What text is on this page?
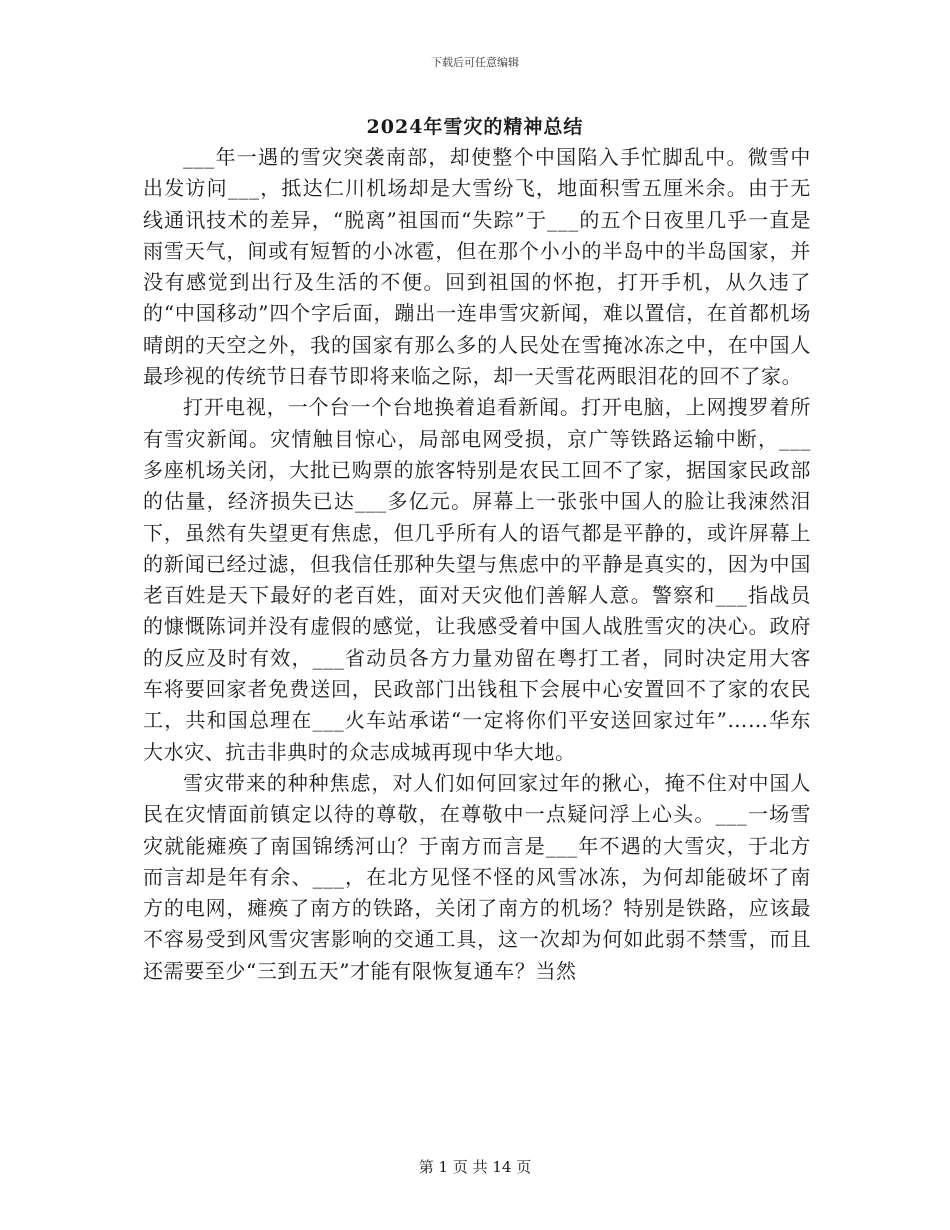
下载后可任意编辑
2024年雪灾的精神总结

___年一遇的雪灾突袭南部，却使整个中国陷入手忙脚乱中。微雪中出发访问___，抵达仁川机场却是大雪纷飞，地面积雪五厘米余。由于无线通讯技术的差异，“脱离”祖国而“失踪”于___的五个日夜里几乎一直是雨雪天气，间或有短暂的小冰雹，但在那个小小的半岛中的半岛国家，并没有感觉到出行及生活的不便。回到祖国的怀抱，打开手机，从久违了的“中国移动”四个字后面，蹦出一连串雪灾新闻，难以置信，在首都机场晴朗的天空之外，我的国家有那么多的人民处在雪掩冰冻之中，在中国人最珍视的传统节日春节即将来临之际，却一天雪花两眼泪花的回不了家。

打开电视，一个台一个台地换着追看新闻。打开电脑，上网搜罗着所有雪灾新闻。灾情触目惊心，局部电网受损，京广等铁路运输中断，___多座机场关闭，大批已购票的旅客特别是农民工回不了家，据国家民政部的估量，经济损失已达___多亿元。屏幕上一张张中国人的脸让我涑然泪下，虽然有失望更有焦虑，但几乎所有人的语气都是平静的，或许屏幕上的新闻已经过滤，但我信任那种失望与焦虑中的平静是真实的，因为中国老百姓是天下最好的老百姓，面对天灾他们善解人意。警察和___指战员的慷慨陈词并没有虚假的感觉，让我感受着中国人战胜雪灾的决心。政府的反应及时有效，___省动员各方力量劝留在粤打工者，同时决定用大客车将要回家者免费送回，民政部门出钱租下会展中心安置回不了家的农民工，共和国总理在___火车站承诺“一定将你们平安送回家过年”……华东大水灾、抗击非典时的众志成城再现中华大地。

雪灾带来的种种焦虑，对人们如何回家过年的揪心，掩不住对中国人民在灾情面前镇定以待的尊敬，在尊敬中一点疑问浮上心头。___一场雪灾就能瘫痪了南国锦绣河山？于南方而言是___年不遇的大雪灾，于北方而言却是年有余、___，在北方见怪不怪的风雪冰冻，为何却能破坏了南方的电网，瘫痪了南方的铁路，关闭了南方的机场？特别是铁路，应该最不容易受到风雪灾害影响的交通工具，这一次却为何如此弱不禁雪，而且还需要至少“三到五天”才能有限恢复通车？当然

第 1 页 共 14 页
